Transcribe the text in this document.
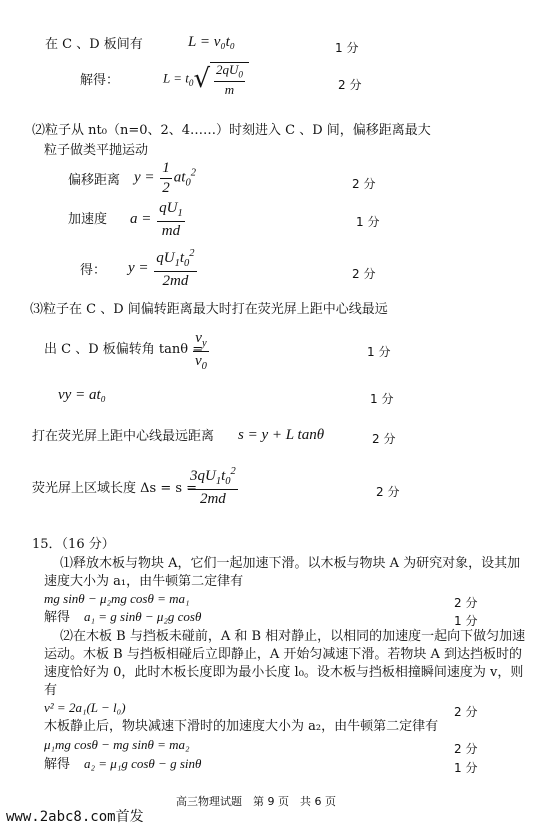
在 C 、D 板间有	L = v₀t₀	1 分
解得：	$L = t_0$ √ $\frac{2qU_0}{m}$	2 分
⑵粒子从 nt₀（n=0、2、4……）时刻进入 C 、D 间，偏移距离最大
粒子做类平抛运动
偏移距离 $y = \frac{1}{2} at_0^2$
2 分
加速度 $a = \frac{qU_1}{md}$	1 分
得： $y = \frac{qU_1t_0^2}{2md}$	2 分
⑶粒子在 C 、D 间偏转距离最大时打在荧光屏上距中心线最远
出 C 、D 板偏转角 tanθ =
$\frac{v_y}{v_0}$	1 分
vy = at₀	1 分
打在荧光屏上距中心线最远距离 s = y + L tanθ	2 分
荧光屏上区域长度 Δs = s =
$\frac{3qU_1t_0^2}{2md}$	2 分
15．（16 分）
⑴释放木板与物块 A，它们一起加速下滑。以木板与物块 A 为研究对象，设其加
速度大小为 a₁，由牛顿第二定律有
mg sinθ − μ₂mg cosθ = ma₁	2 分
解得 a₁ = g sinθ − μ₂g cosθ	1 分
⑵在木板 B 与挡板未碰前，A 和 B 相对静止，以相同的加速度一起向下做匀加速
运动。木板 B 与挡板相碰后立即静止，A 开始匀减速下滑。若物块 A 到达挡板时的
速度恰好为 0，此时木板长度即为最小长度 l₀。设木板与挡板相撞瞬间速度为 v，则
有
v² = 2a₁(L − l₀)	2 分
木板静止后，物块减速下滑时的加速度大小为 a₂，由牛顿第二定律有
μ₁mg cosθ − mg sinθ = ma₂	2 分
解得 a₂ = μ₁g cosθ − g sinθ	1 分
高三物理试题　第 9 页　共 6 页
www.2abc8.com首发
